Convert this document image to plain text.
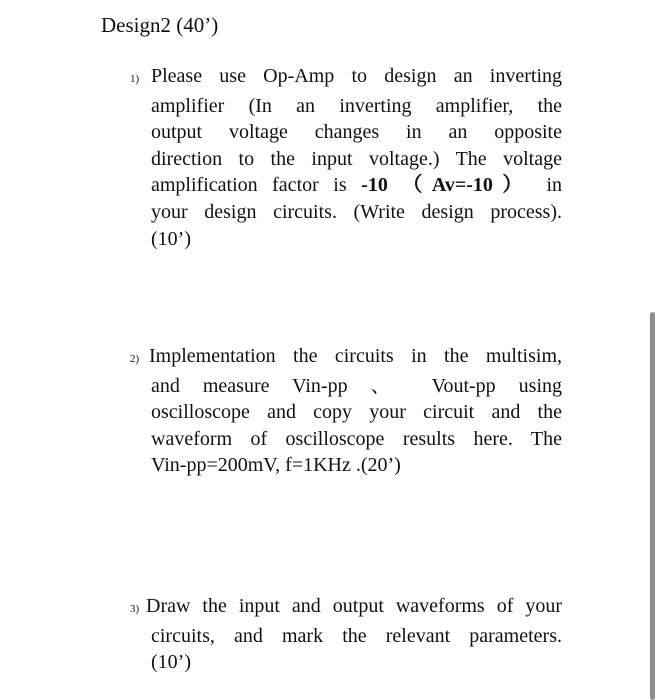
Design2 (40’)
1) Please use Op-Amp to design an inverting
amplifier (In an inverting amplifier, the
output voltage changes in an opposite
direction to the input voltage.) The voltage
amplification factor is -10 （Av=-10） in
your design circuits. (Write design process).
(10’)
2) Implementation the circuits in the multisim,
and measure Vin-pp 、 Vout-pp using
oscilloscope and copy your circuit and the
waveform of oscilloscope results here. The
Vin-pp=200mV, f=1KHz .(20’)
3) Draw the input and output waveforms of your
circuits, and mark the relevant parameters.
(10’)
